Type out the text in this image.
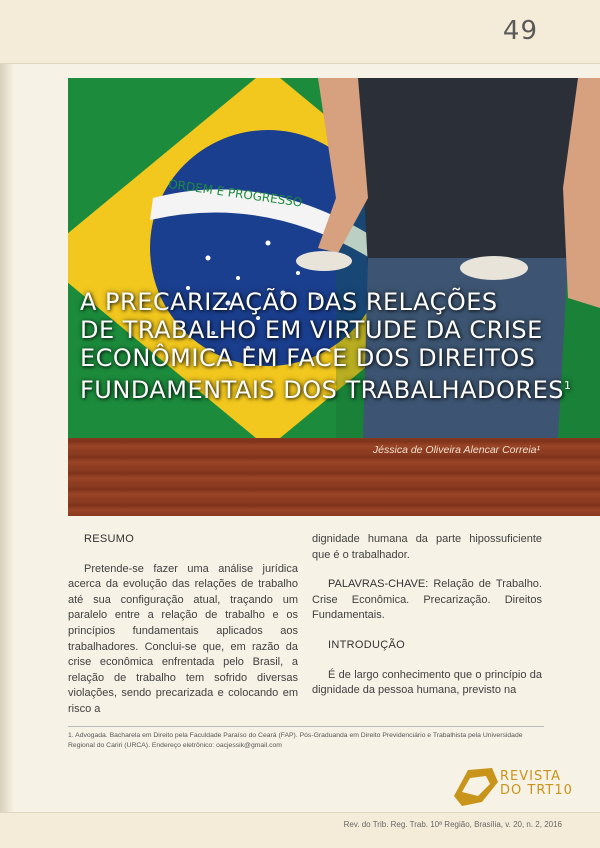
49
ORDEM E PROGRESSO
A PRECARIZAÇÃO DAS RELAÇÕES
DE TRABALHO EM VIRTUDE DA CRISE
ECONÔMICA EM FACE DOS DIREITOS
FUNDAMENTAIS DOS TRABALHADORES$^1$
Jéssica de Oliveira Alencar Correia¹
RESUMO
Pretende-se fazer uma análise jurídica acerca da evolução das relações de trabalho até sua configuração atual, traçando um paralelo entre a relação de trabalho e os princípios fundamentais aplicados aos trabalhadores. Conclui-se que, em razão da crise econômica enfrentada pelo Brasil, a relação de trabalho tem sofrido diversas violações, sendo precarizada e colocando em risco a
dignidade humana da parte hipossuficiente que é o trabalhador.
PALAVRAS-CHAVE: Relação de Trabalho. Crise Econômica. Precarização. Direitos Fundamentais.
INTRODUÇÃO
É de largo conhecimento que o princípio da dignidade da pessoa humana, previsto na
1. Advogada. Bacharela em Direito pela Faculdade Paraíso do Ceará (FAP). Pós-Graduanda em Direito Previdenciário e Trabalhista pela Universidade Regional do Cariri (URCA). Endereço eletrônico: oacjessik@gmail.com
REVISTA
DO TRT10
Rev. do Trib. Reg. Trab. 10ª Região, Brasília, v. 20, n. 2, 2016
